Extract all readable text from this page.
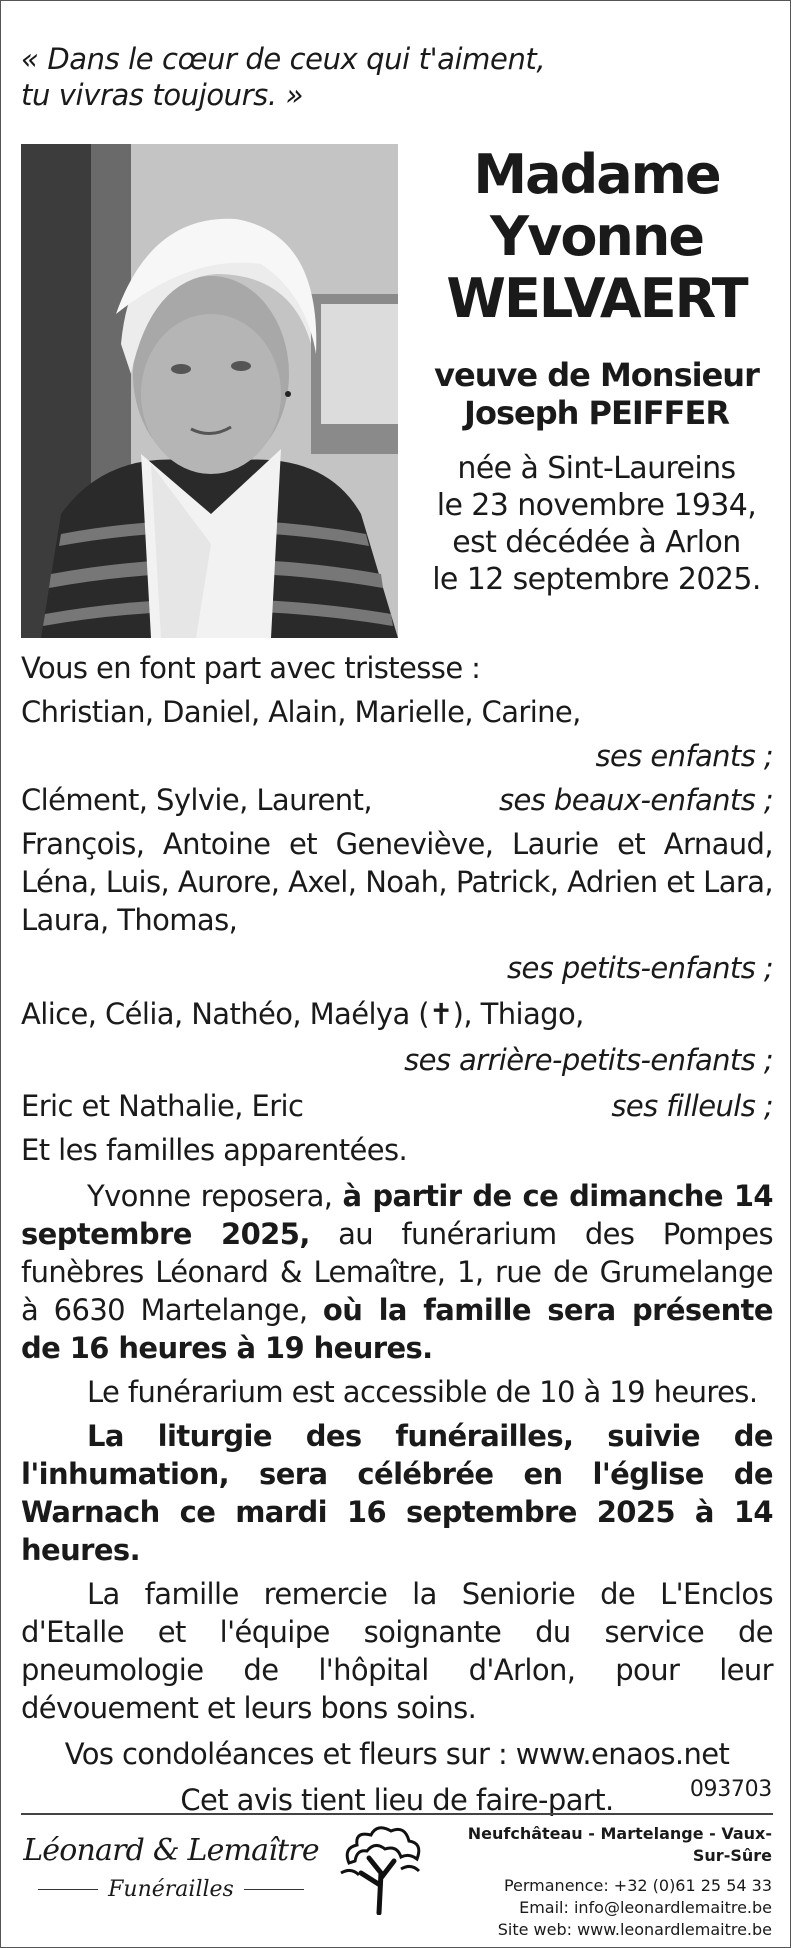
« Dans le cœur de ceux qui t'aiment,
tu vivras toujours. »
Madame
Yvonne
WELVAERT
veuve de Monsieur
Joseph PEIFFER
née à Sint-Laureins
le 23 novembre 1934,
est décédée à Arlon
le 12 septembre 2025.
Vous en font part avec tristesse :
Christian, Daniel, Alain, Marielle, Carine,
ses enfants ;
Clément, Sylvie, Laurent,	ses beaux-enfants ;
François, Antoine et Geneviève, Laurie et Arnaud, Léna, Luis, Aurore, Axel, Noah, Patrick, Adrien et Lara, Laura, Thomas,
ses petits-enfants ;
Alice, Célia, Nathéo, Maélya (✝), Thiago,
ses arrière-petits-enfants ;
Eric et Nathalie, Eric	ses filleuls ;
Et les familles apparentées.
Yvonne reposera, à partir de ce dimanche 14 septembre 2025, au funérarium des Pompes funèbres Léonard & Lemaître, 1, rue de Grumelange à 6630 Martelange, où la famille sera présente de 16 heures à 19 heures.
Le funérarium est accessible de 10 à 19 heures.
La liturgie des funérailles, suivie de l'inhumation, sera célébrée en l'église de Warnach ce mardi 16 septembre 2025 à 14 heures.
La famille remercie la Seniorie de L'Enclos d'Etalle et l'équipe soignante du service de pneumologie de l'hôpital d'Arlon, pour leur dévouement et leurs bons soins.
Vos condoléances et fleurs sur : www.enaos.net
Cet avis tient lieu de faire-part.	093703
Léonard & Lemaître
Funérailles
Neufchâteau - Martelange - Vaux-Sur-Sûre
Permanence: +32 (0)61 25 54 33
Email: info@leonardlemaitre.be
Site web: www.leonardlemaitre.be
